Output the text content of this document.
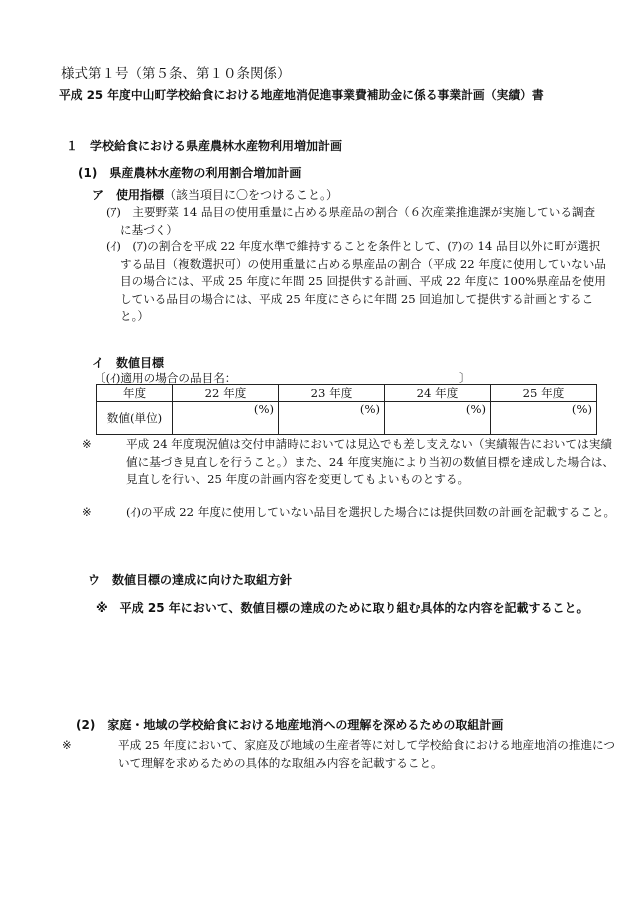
様式第１号（第５条、第１０条関係）
平成 25 年度中山町学校給食における地産地消促進事業費補助金に係る事業計画（実績）書
１　学校給食における県産農林水産物利用増加計画
(1)　県産農林水産物の利用割合増加計画
ア　使用指標（該当項目に〇をつけること。）
(ｱ)　主要野菜 14 品目の使用重量に占める県産品の割合（６次産業推進課が実施している調査に基づく）
(ｲ)　(ｱ)の割合を平成 22 年度水準で維持することを条件として、(ｱ)の 14 品目以外に町が選択する品目（複数選択可）の使用重量に占める県産品の割合（平成 22 年度に使用していない品目の場合には、平成 25 年度に年間 25 回提供する計画、平成 22 年度に 100%県産品を使用している品目の場合には、平成 25 年度にさらに年間 25 回追加して提供する計画とすること。）
イ　数値目標
〔(ｲ)適用の場合の品目名：	〕
年度	22 年度	23 年度	24 年度	25 年度
数値(単位)	(%)	(%)	(%)	(%)
※	平成 24 年度現況値は交付申請時においては見込でも差し支えない（実績報告においては実績値に基づき見直しを行うこと。）また、24 年度実施により当初の数値目標を達成した場合は、見直しを行い、25 年度の計画内容を変更してもよいものとする。
※	(ｲ)の平成 22 年度に使用していない品目を選択した場合には提供回数の計画を記載すること。
ウ　数値目標の達成に向けた取組方針
※　平成 25 年において、数値目標の達成のために取り組む具体的な内容を記載すること。
(2)　家庭・地域の学校給食における地産地消への理解を深めるための取組計画
※	平成 25 年度において、家庭及び地域の生産者等に対して学校給食における地産地消の推進について理解を求めるための具体的な取組み内容を記載すること。
